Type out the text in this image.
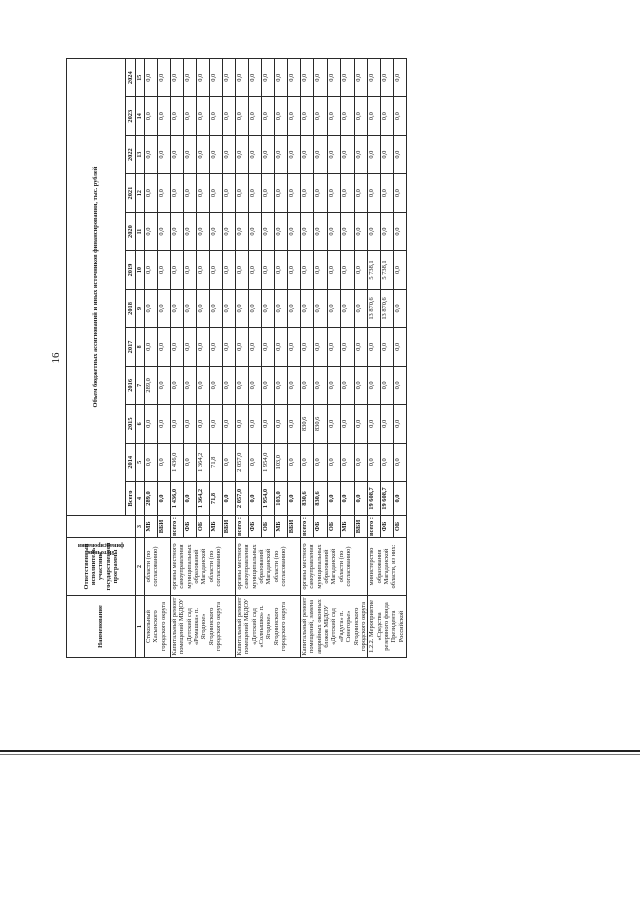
16
Наименование	Ответственный исполнитель участник государственной программы	Источник финансирования	Объем бюджетных ассигнований и иных источников финансирования, тыс. рублей											
			Всего	2014	2015	2016	2017	2018	2019	2020	2021	2022	2023	2024
1	2	3	4	5	6	7	8	9	10	11	12	13	14	15
Стекольный Хасынского городского округа	области (по согласованию)	МБ	289,0	0,0	0,0	289,0	0,0	0,0	0,0	0,0	0,0	0,0	0,0	0,0
		ВБИ	0,0	0,0	0,0	0,0	0,0	0,0	0,0	0,0	0,0	0,0	0,0	0,0
Капитальный ремонт помещений МБДОУ «Детский сад «Ромашка» п. Ягодное» Ягоднинского городского округа	органы местного самоуправления муниципальных образований Магаданской области (по согласованию)	всего :	1 436,0	1 436,0	0,0	0,0	0,0	0,0	0,0	0,0	0,0	0,0	0,0	0,0
		ФБ	0,0	0,0	0,0	0,0	0,0	0,0	0,0	0,0	0,0	0,0	0,0	0,0
		ОБ	1 364,2	1 364,2	0,0	0,0	0,0	0,0	0,0	0,0	0,0	0,0	0,0	0,0
		МБ	71,8	71,8	0,0	0,0	0,0	0,0	0,0	0,0	0,0	0,0	0,0	0,0
		ВБИ	0,0	0,0	0,0	0,0	0,0	0,0	0,0	0,0	0,0	0,0	0,0	0,0
Капитальный ремонт помещений МБДОУ «Детский сад «Солнышко» п. Ягодное» Ягоднинского городского округа	органы местного самоуправления муниципальных образований Магаданской области (по согласованию)	всего :	2 057,0	2 057,0	0,0	0,0	0,0	0,0	0,0	0,0	0,0	0,0	0,0	0,0
		ФБ	0,0	0,0	0,0	0,0	0,0	0,0	0,0	0,0	0,0	0,0	0,0	0,0
		ОБ	1 954,0	1 954,0	0,0	0,0	0,0	0,0	0,0	0,0	0,0	0,0	0,0	0,0
		МБ	103,0	103,0	0,0	0,0	0,0	0,0	0,0	0,0	0,0	0,0	0,0	0,0
		ВБИ	0,0	0,0	0,0	0,0	0,0	0,0	0,0	0,0	0,0	0,0	0,0	0,0
Капитальный ремонт помещений, замена аварийных оконных блоков МБДОУ «Детский сад «Радуга» п. Синегорье» Ягоднинского городского округа	органы местного самоуправления муниципальных образований Магаданской области (по согласованию)	всего :	830,6	0,0	830,6	0,0	0,0	0,0	0,0	0,0	0,0	0,0	0,0	0,0
		ФБ	830,6	0,0	830,6	0,0	0,0	0,0	0,0	0,0	0,0	0,0	0,0	0,0
		ОБ	0,0	0,0	0,0	0,0	0,0	0,0	0,0	0,0	0,0	0,0	0,0	0,0
		МБ	0,0	0,0	0,0	0,0	0,0	0,0	0,0	0,0	0,0	0,0	0,0	0,0
		ВБИ	0,0	0,0	0,0	0,0	0,0	0,0	0,0	0,0	0,0	0,0	0,0	0,0
1.2.2. Мероприятие «Средства резервного фонда Президента Российской	министерство образования Магаданской области, из них:	всего :	19 608,7	0,0	0,0	0,0	0,0	13 870,6	5 738,1	0,0	0,0	0,0	0,0	0,0
		ФБ	19 608,7	0,0	0,0	0,0	0,0	13 870,6	5 738,1	0,0	0,0	0,0	0,0	0,0
		ОБ	0,0	0,0	0,0	0,0	0,0	0,0	0,0	0,0	0,0	0,0	0,0	0,0
